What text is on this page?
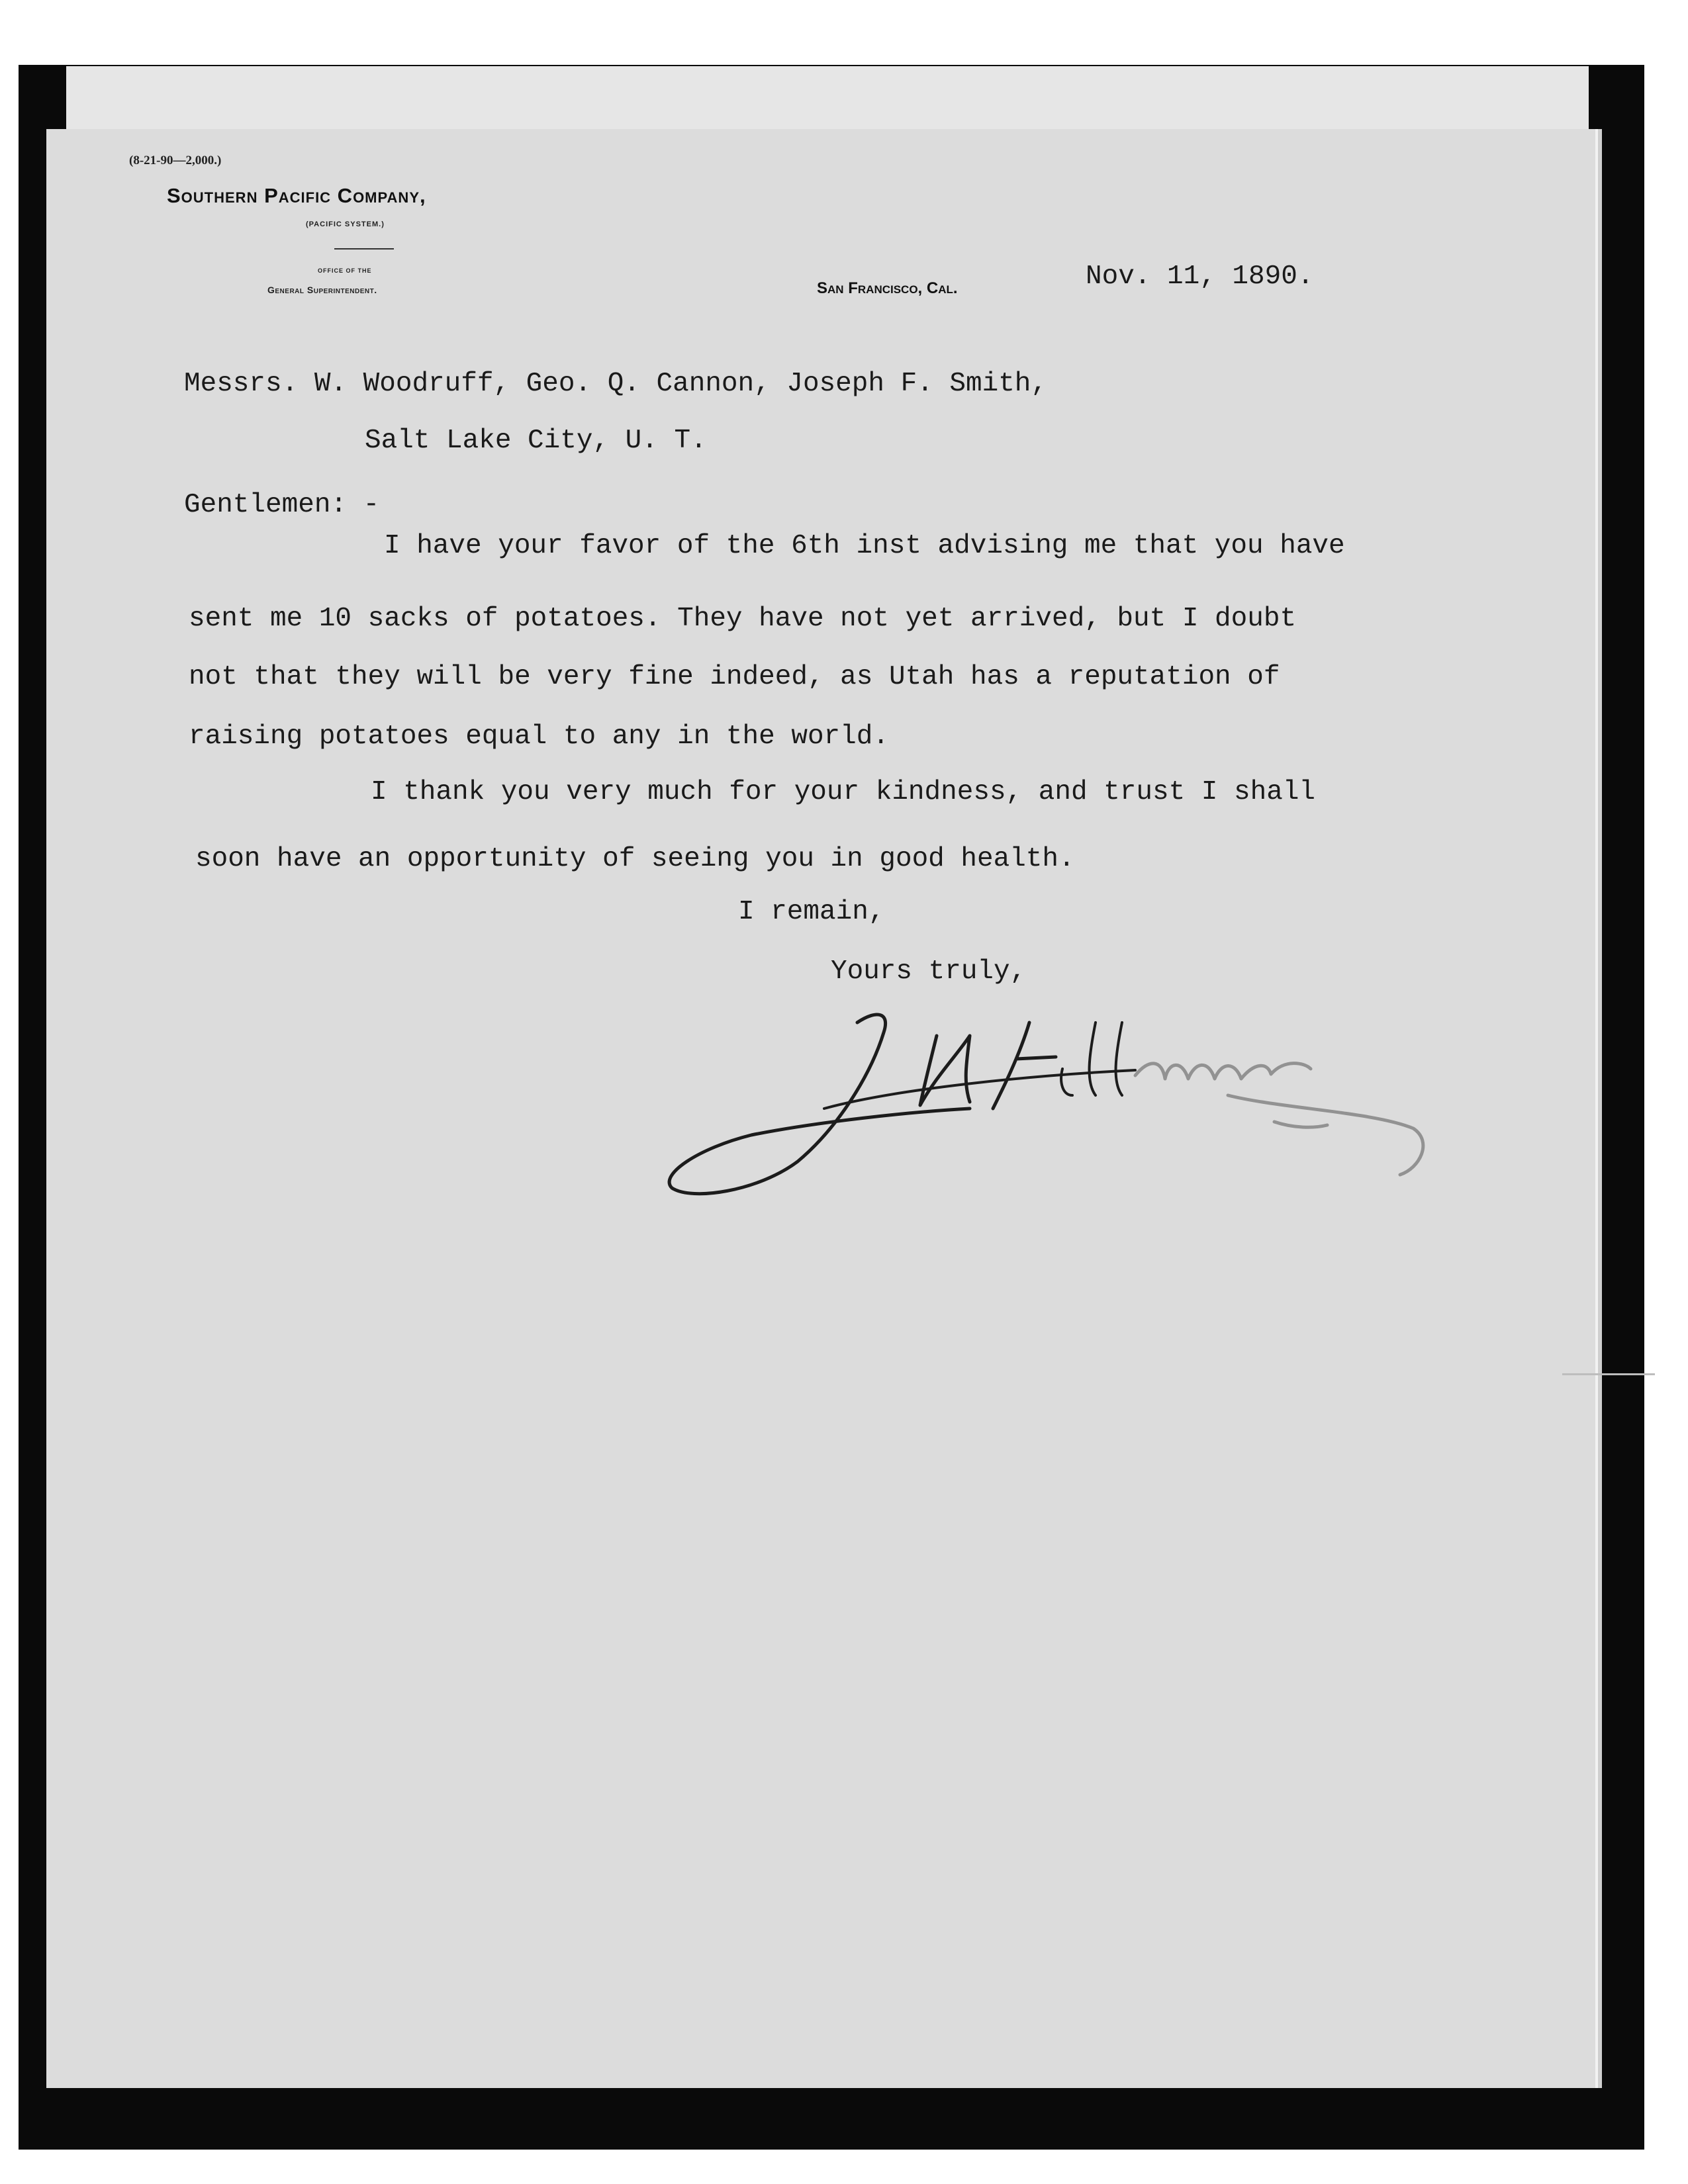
(8-21-90—2,000.)
Southern Pacific Company,
(PACIFIC SYSTEM.)
OFFICE OF THE
General Superintendent.	San Francisco, Cal.	Nov. 11, 1890.
Messrs. W. Woodruff, Geo. Q. Cannon, Joseph F. Smith,
Salt Lake City, U. T.
Gentlemen: -
I have your favor of the 6th inst advising me that you have
sent me 10 sacks of potatoes. They have not yet arrived, but I doubt
not that they will be very fine indeed, as Utah has a reputation of
raising potatoes equal to any in the world.
I thank you very much for your kindness, and trust I shall
soon have an opportunity of seeing you in good health.
I remain,
Yours truly,
